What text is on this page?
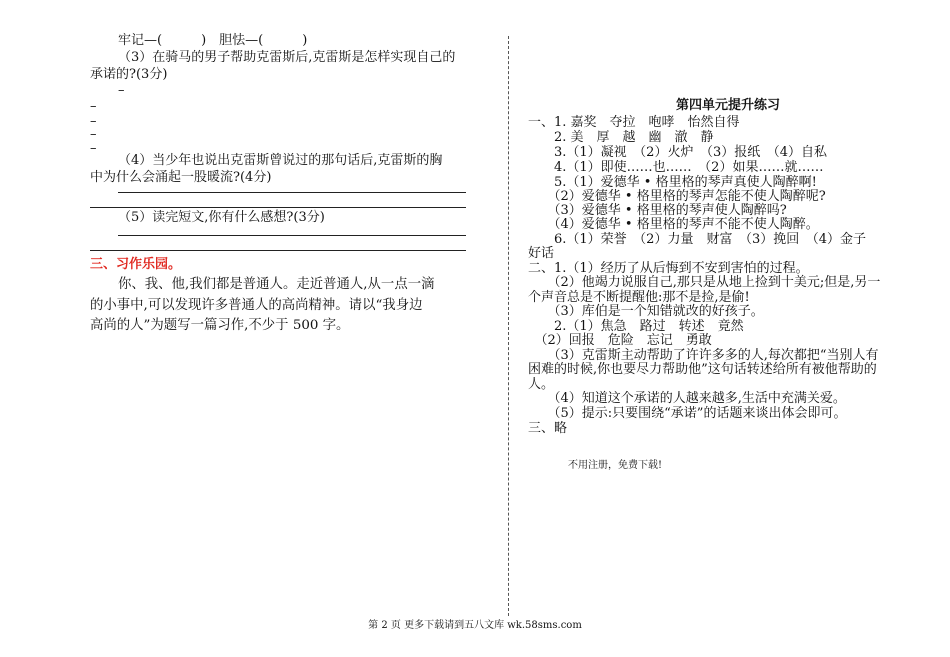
牢记—(　　　)　胆怯—(　　　)
（3）在骑马的男子帮助克雷斯后,克雷斯是怎样实现自己的
承诺的?(3分)
–
–
–
–
–
（4）当少年也说出克雷斯曾说过的那句话后,克雷斯的胸
中为什么会涌起一股暖流?(4分)
（5）读完短文,你有什么感想?(3分)
三、习作乐园。
你、我、他,我们都是普通人。走近普通人,从一点一滴
的小事中,可以发现许多普通人的高尚精神。请以“我身边
高尚的人”为题写一篇习作,不少于 500 字。
第四单元提升练习
一、1. 嘉奖　夺拉　咆哮　怡然自得
　　2. 美　厚　越　幽　澈　静
　　3.（1）凝视　（2）火炉　（3）报纸　（4）自私
　　4.（1）即使……也……　（2）如果……就……
　　5.（1）爱德华 • 格里格的琴声真使人陶醉啊!
　　（2）爱德华 • 格里格的琴声怎能不使人陶醉呢?
　　（3）爱德华 • 格里格的琴声使人陶醉吗?
　　（4）爱德华 • 格里格的琴声不能不使人陶醉。
　　6.（1）荣誉　（2）力量　财富　（3）挽回　（4）金子
好话
二、1.（1）经历了从后悔到不安到害怕的过程。
　　（2）他竭力说服自己,那只是从地上捡到十美元;但是,另一
个声音总是不断提醒他:那不是捡,是偷!
　　（3）库伯是一个知错就改的好孩子。
　　2.（1）焦急　路过　转述　竟然
　（2）回报　危险　忘记　勇敢
　　（3）克雷斯主动帮助了许许多多的人,每次都把“当别人有
困难的时候,你也要尽力帮助他”这句话转述给所有被他帮助的
人。
　　（4）知道这个承诺的人越来越多,生活中充满关爱。
　　（5）提示:只要围绕“承诺”的话题来谈出体会即可。
三、略
不用注册，免费下载!
第 2 页 更多下载请到五八文库 wk.58sms.com
